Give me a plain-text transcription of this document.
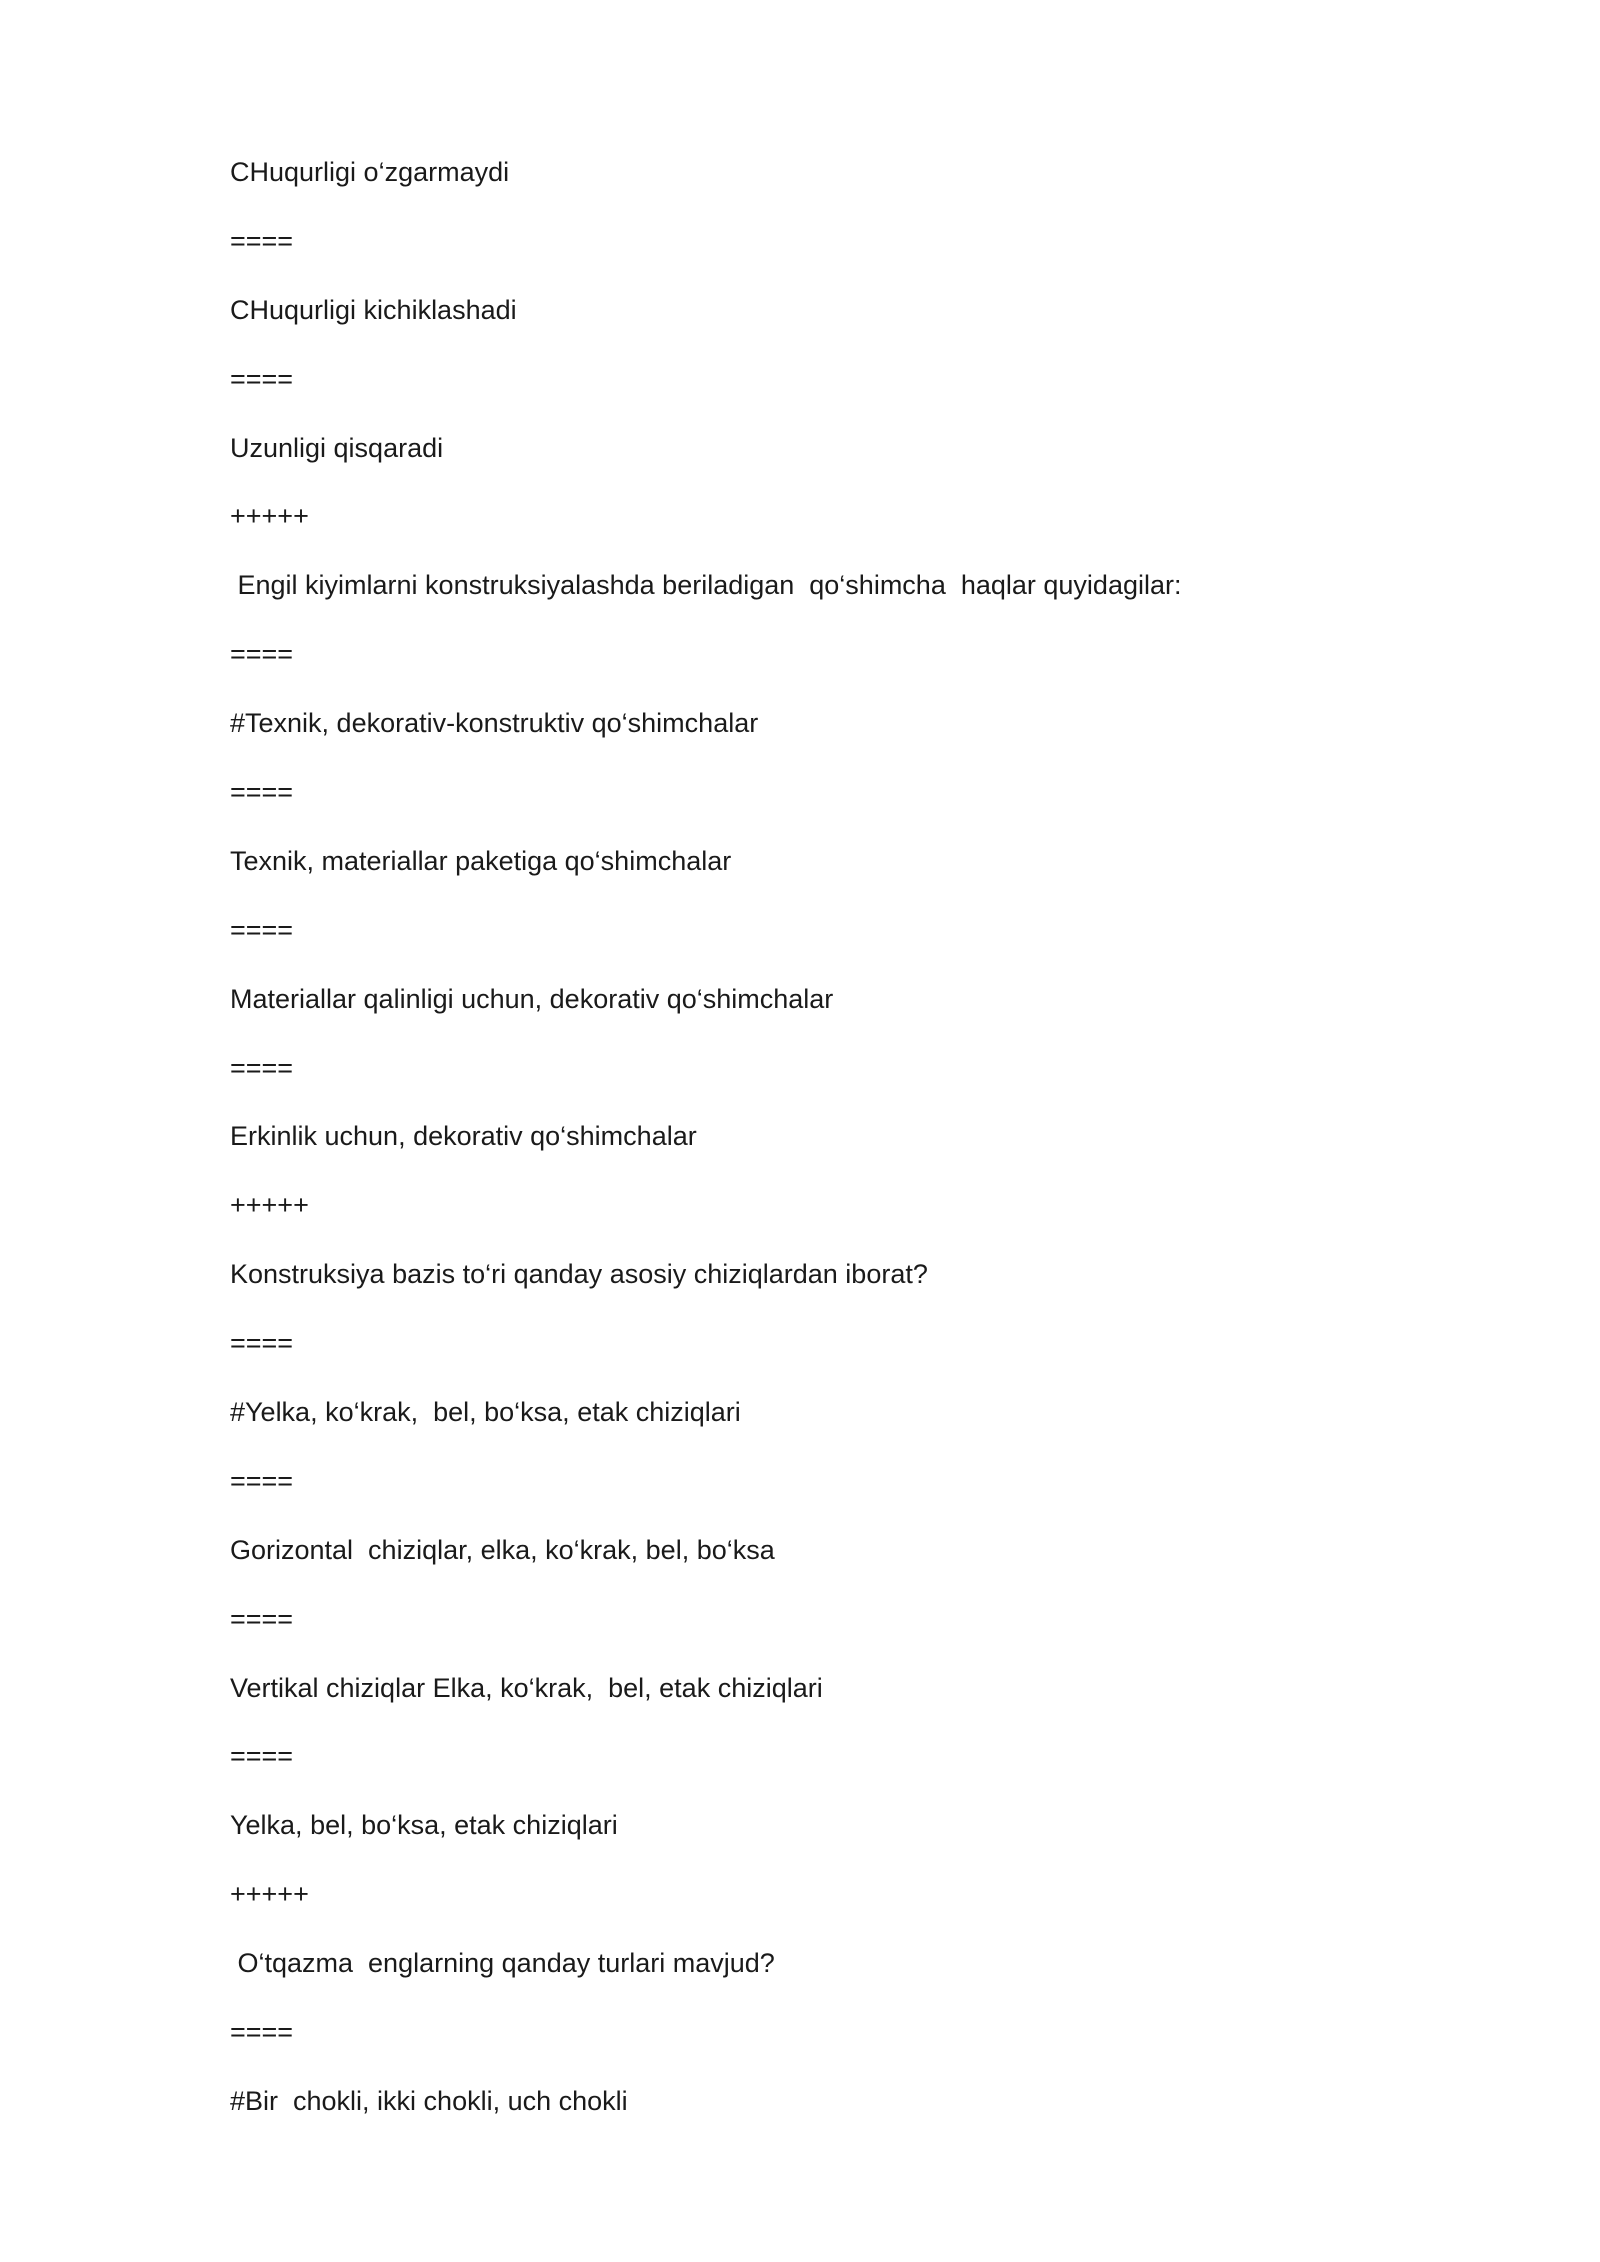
CHuqurligi o‘zgarmaydi
====
CHuqurligi kichiklashadi
====
Uzunligi qisqaradi
+++++
Engil kiyimlarni konstruksiyalashda beriladigan  qo‘shimcha  haqlar quyidagilar:
====
#Texnik, dekorativ-konstruktiv qo‘shimchalar
====
Texnik, materiallar paketiga qo‘shimchalar
====
Materiallar qalinligi uchun, dekorativ qo‘shimchalar
====
Erkinlik uchun, dekorativ qo‘shimchalar
+++++
Konstruksiya bazis to‘ri qanday asosiy chiziqlardan iborat?
====
#Yelka, ko‘krak,  bel, bo‘ksa, etak chiziqlari
====
Gorizontal  chiziqlar, elka, ko‘krak, bel, bo‘ksa
====
Vertikal chiziqlar Elka, ko‘krak,  bel, etak chiziqlari
====
Yelka, bel, bo‘ksa, etak chiziqlari
+++++
O‘tqazma  englarning qanday turlari mavjud?
====
#Bir  chokli, ikki chokli, uch chokli
